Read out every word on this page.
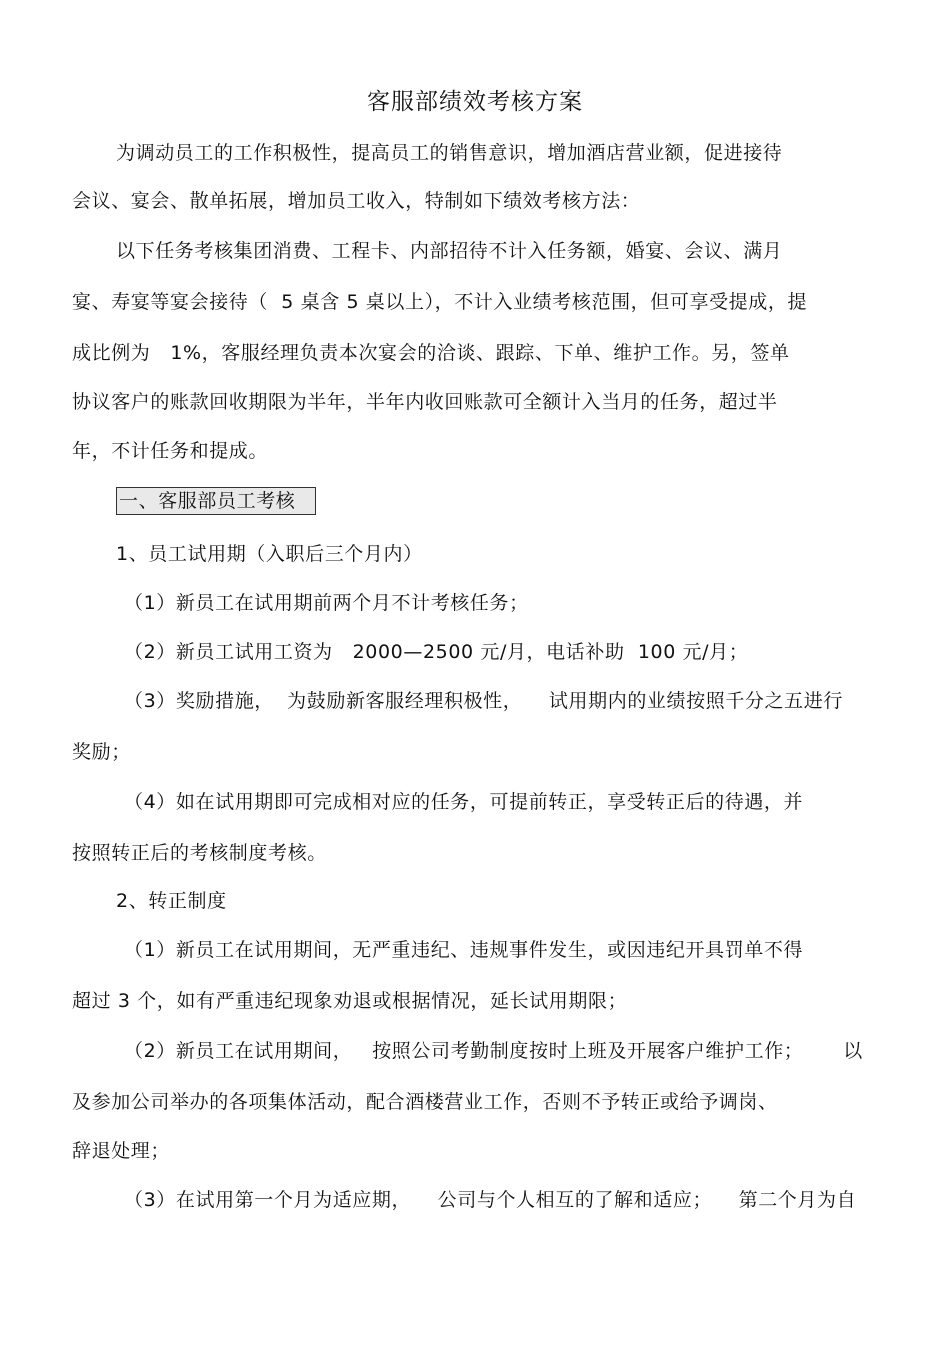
客服部绩效考核方案
为调动员工的工作积极性，提高员工的销售意识，增加酒店营业额，促进接待
会议、宴会、散单拓展，增加员工收入，特制如下绩效考核方法：
以下任务考核集团消费、工程卡、内部招待不计入任务额，婚宴、会议、满月
宴、寿宴等宴会接待（  5 桌含 5 桌以上），不计入业绩考核范围，但可享受提成，提
成比例为   1%，客服经理负责本次宴会的洽谈、跟踪、下单、维护工作。另，签单
协议客户的账款回收期限为半年，半年内收回账款可全额计入当月的任务，超过半
年，不计任务和提成。
一、客服部员工考核
1、员工试用期（入职后三个月内）
（1）新员工在试用期前两个月不计考核任务；
（2）新员工试用工资为   2000—2500 元/月，电话补助  100 元/月；
（3）奖励措施，  为鼓励新客服经理积极性，    试用期内的业绩按照千分之五进行
奖励；
（4）如在试用期即可完成相对应的任务，可提前转正，享受转正后的待遇，并
按照转正后的考核制度考核。
2、转正制度
（1）新员工在试用期间，无严重违纪、违规事件发生，或因违纪开具罚单不得
超过 3 个，如有严重违纪现象劝退或根据情况，延长试用期限；
（2）新员工在试用期间，   按照公司考勤制度按时上班及开展客户维护工作；      以
及参加公司举办的各项集体活动，配合酒楼营业工作，否则不予转正或给予调岗、
辞退处理；
（3）在试用第一个月为适应期，    公司与个人相互的了解和适应；    第二个月为自
